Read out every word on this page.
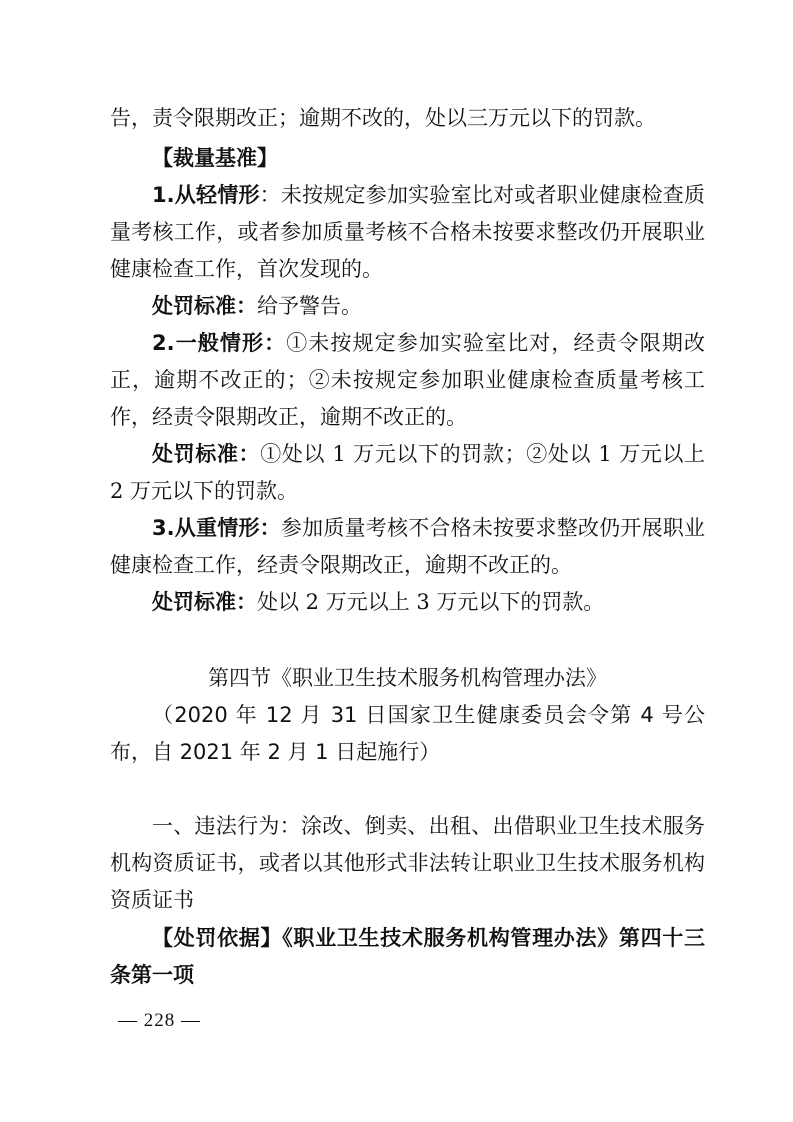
告，责令限期改正；逾期不改的，处以三万元以下的罚款。

【裁量基准】

1.从轻情形：未按规定参加实验室比对或者职业健康检查质量考核工作，或者参加质量考核不合格未按要求整改仍开展职业健康检查工作，首次发现的。

处罚标准：给予警告。

2.一般情形：①未按规定参加实验室比对，经责令限期改正，逾期不改正的；②未按规定参加职业健康检查质量考核工作，经责令限期改正，逾期不改正的。

处罚标准：①处以 1 万元以下的罚款；②处以 1 万元以上 2 万元以下的罚款。

3.从重情形：参加质量考核不合格未按要求整改仍开展职业健康检查工作，经责令限期改正，逾期不改正的。

处罚标准：处以 2 万元以上 3 万元以下的罚款。

第四节《职业卫生技术服务机构管理办法》

（2020 年 12 月 31 日国家卫生健康委员会令第 4 号公布，自 2021 年 2 月 1 日起施行）

一、违法行为：涂改、倒卖、出租、出借职业卫生技术服务机构资质证书，或者以其他形式非法转让职业卫生技术服务机构资质证书

【处罚依据】《职业卫生技术服务机构管理办法》第四十三条第一项

— 228 —
